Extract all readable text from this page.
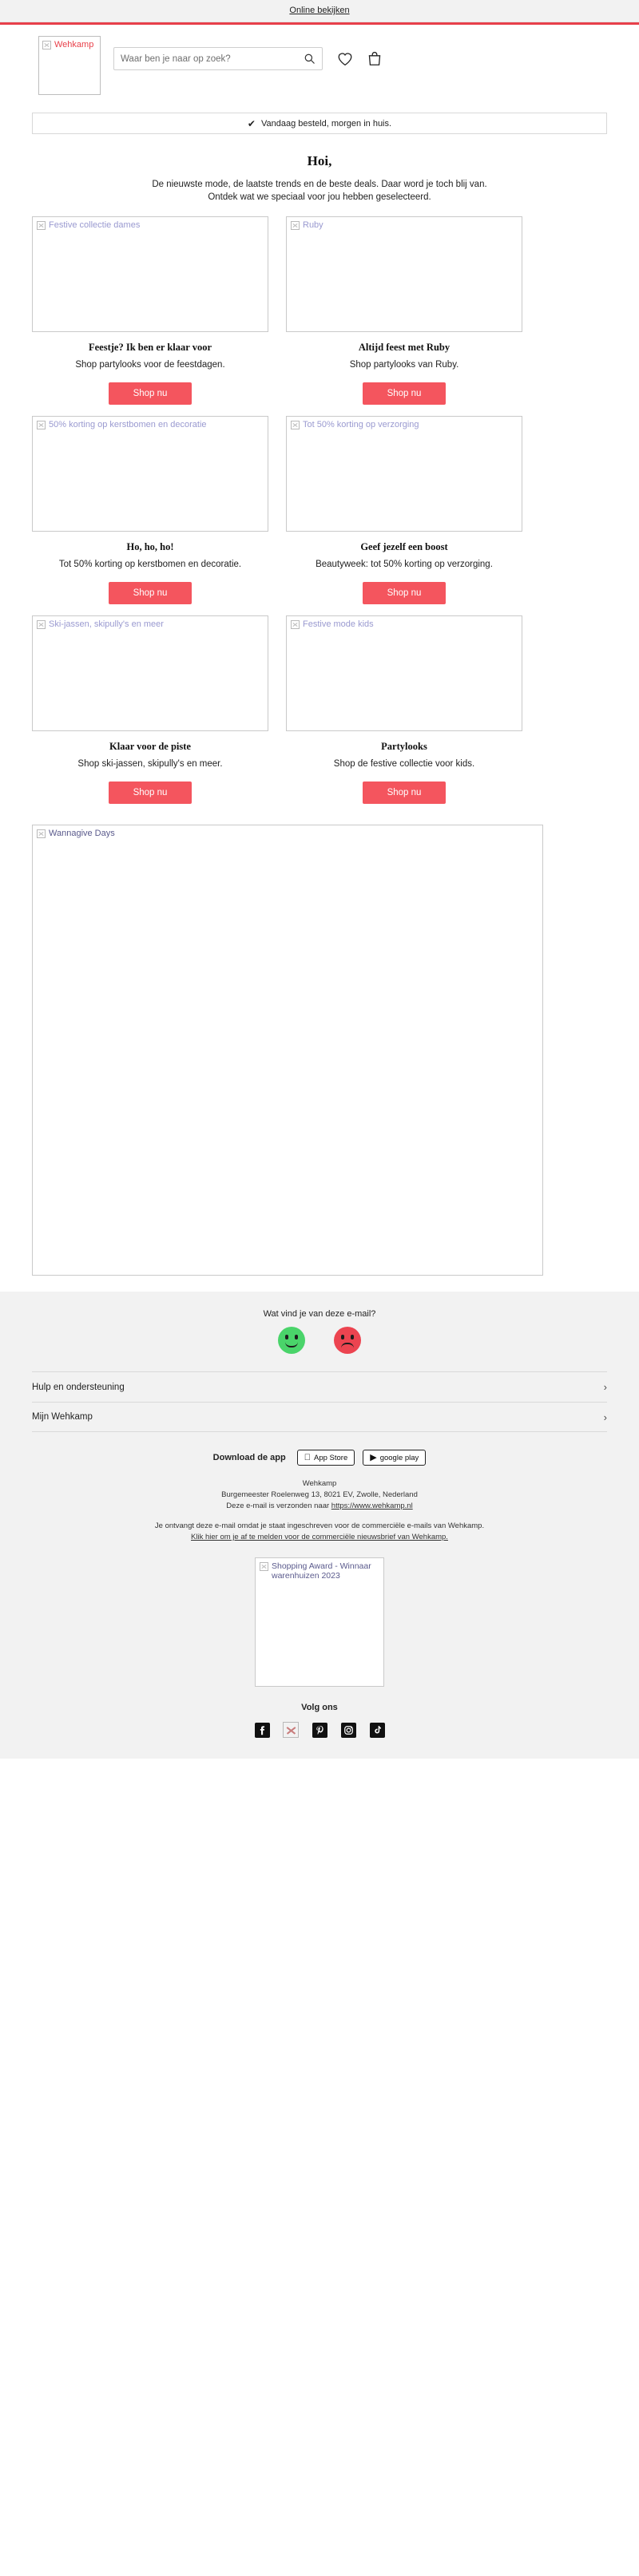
Online bekijken
Wehkamp
Waar ben je naar op zoek?
✔ Vandaag besteld, morgen in huis.
Hoi,

De nieuwste mode, de laatste trends en de beste deals. Daar word je toch blij van.

Ontdek wat we speciaal voor jou hebben geselecteerd.

Festive collectie dames
Feestje? Ik ben er klaar voor

Shop partylooks voor de feestdagen.

Shop nu
Ruby
Altijd feest met Ruby

Shop partylooks van Ruby.

Shop nu
50% korting op kerstbomen en decoratie
Ho, ho, ho!

Tot 50% korting op kerstbomen en decoratie.

Shop nu
Tot 50% korting op verzorging
Geef jezelf een boost

Beautyweek: tot 50% korting op verzorging.

Shop nu
Ski-jassen, skipully's en meer
Klaar voor de piste

Shop ski-jassen, skipully's en meer.

Shop nu
Festive mode kids
Partylooks

Shop de festive collectie voor kids.

Shop nu
Wannagive Days
Wat vind je van deze e-mail?
Hulp en ondersteuning	›
Mijn Wehkamp	›
Download de app	App Store	▶ google play
Wehkamp
Burgemeester Roelenweg 13, 8021 EV, Zwolle, Nederland
Deze e-mail is verzonden naar https://www.wehkamp.nl
Je ontvangt deze e-mail omdat je staat ingeschreven voor de commerciële e-mails van Wehkamp.
Klik hier om je af te melden voor de commerciële nieuwsbrief van Wehkamp.
Shopping Award - Winnaar warenhuizen 2023
Volg ons
